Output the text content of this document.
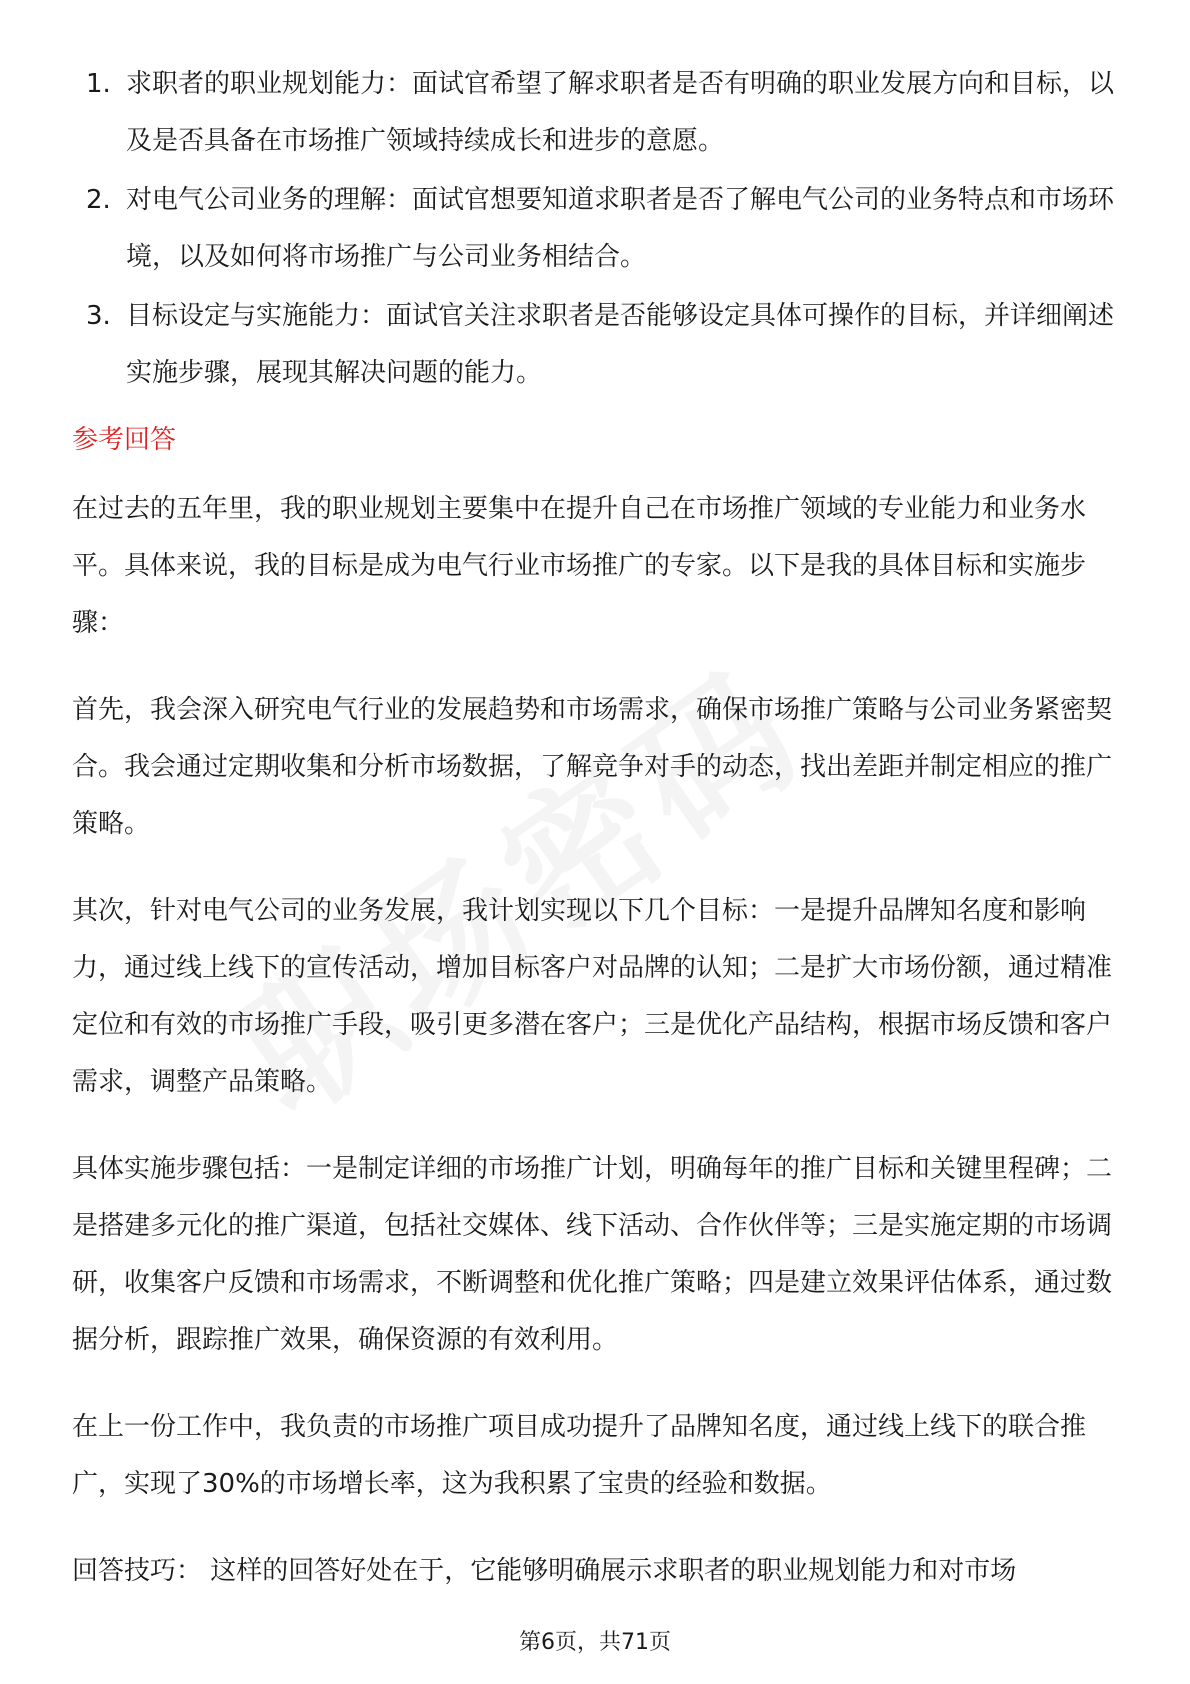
1. 求职者的职业规划能力：面试官希望了解求职者是否有明确的职业发展方向和目标，以及是否具备在市场推广领域持续成长和进步的意愿。
2. 对电气公司业务的理解：面试官想要知道求职者是否了解电气公司的业务特点和市场环境，以及如何将市场推广与公司业务相结合。
3. 目标设定与实施能力：面试官关注求职者是否能够设定具体可操作的目标，并详细阐述实施步骤，展现其解决问题的能力。
参考回答

在过去的五年里，我的职业规划主要集中在提升自己在市场推广领域的专业能力和业务水平。具体来说，我的目标是成为电气行业市场推广的专家。以下是我的具体目标和实施步骤：

首先，我会深入研究电气行业的发展趋势和市场需求，确保市场推广策略与公司业务紧密契合。我会通过定期收集和分析市场数据，了解竞争对手的动态，找出差距并制定相应的推广策略。

其次，针对电气公司的业务发展，我计划实现以下几个目标：一是提升品牌知名度和影响力，通过线上线下的宣传活动，增加目标客户对品牌的认知；二是扩大市场份额，通过精准定位和有效的市场推广手段，吸引更多潜在客户；三是优化产品结构，根据市场反馈和客户需求，调整产品策略。

具体实施步骤包括：一是制定详细的市场推广计划，明确每年的推广目标和关键里程碑；二是搭建多元化的推广渠道，包括社交媒体、线下活动、合作伙伴等；三是实施定期的市场调研，收集客户反馈和市场需求，不断调整和优化推广策略；四是建立效果评估体系，通过数据分析，跟踪推广效果，确保资源的有效利用。

在上一份工作中，我负责的市场推广项目成功提升了品牌知名度，通过线上线下的联合推广，实现了30%的市场增长率，这为我积累了宝贵的经验和数据。

回答技巧： 这样的回答好处在于，它能够明确展示求职者的职业规划能力和对市场

第6页，共71页
